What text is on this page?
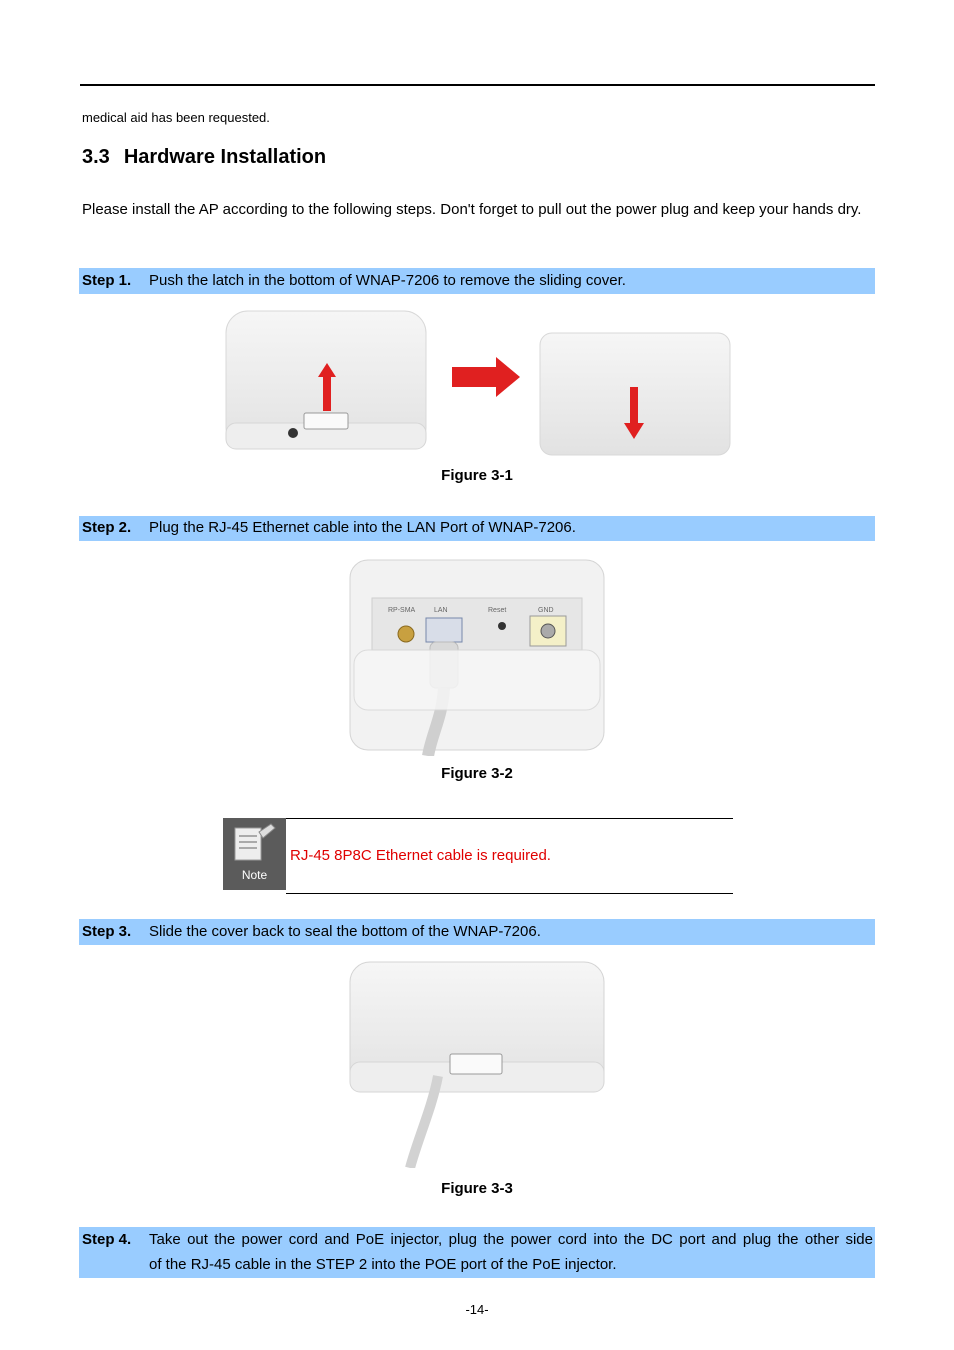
medical aid has been requested.
3.3 Hardware Installation
Please install the AP according to the following steps. Don't forget to pull out the power plug and keep your hands dry.
Step 1. Push the latch in the bottom of WNAP-7206 to remove the sliding cover.
Figure 3-1
Step 2. Plug the RJ-45 Ethernet cable into the LAN Port of WNAP-7206.
RP-SMA	LAN	Reset	GND
Figure 3-2
Note
RJ-45 8P8C Ethernet cable is required.
Step 3. Slide the cover back to seal the bottom of the WNAP-7206.
Figure 3-3
Step 4. Take out the power cord and PoE injector, plug the power cord into the DC port and plug the other side
of the RJ-45 cable in the STEP 2 into the POE port of the PoE injector.
-14-
